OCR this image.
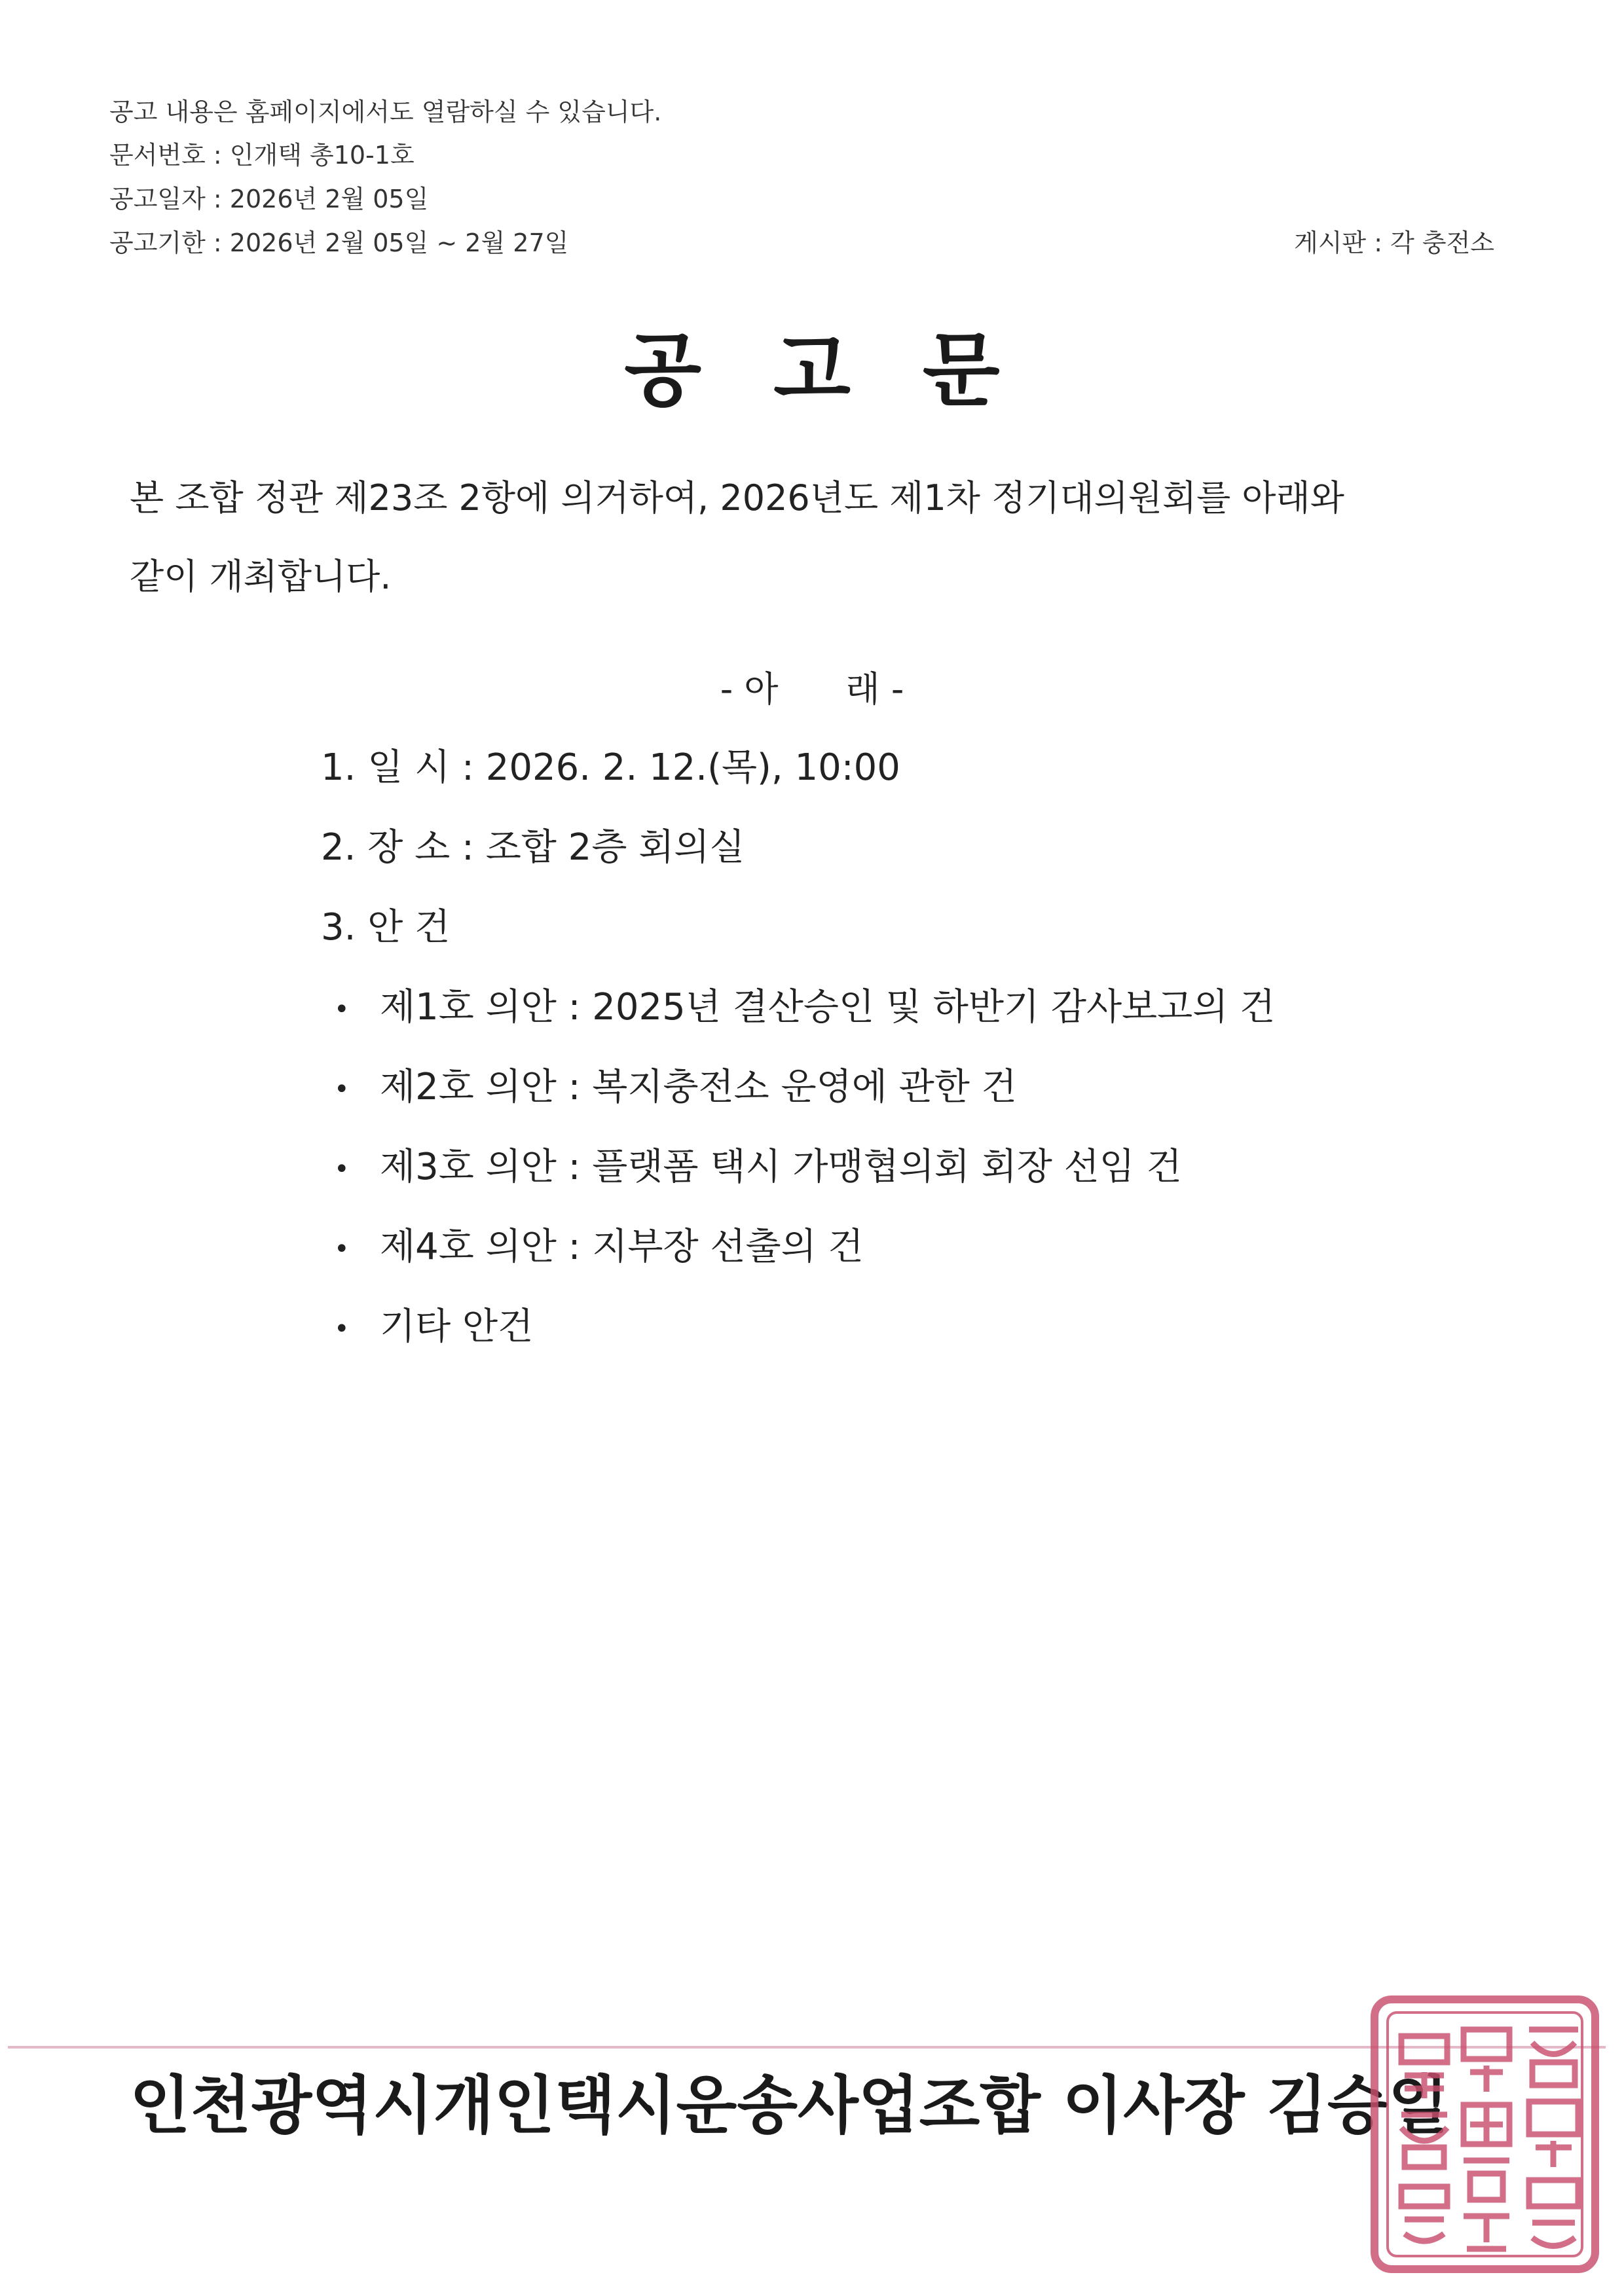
공고 내용은 홈페이지에서도 열람하실 수 있습니다.
문서번호 : 인개택 총10-1호
공고일자 : 2026년 2월 05일
공고기한 : 2026년 2월 05일 ~ 2월 27일	게시판 : 각 충전소
공고문
본 조합 정관 제23조 2항에 의거하여, 2026년도 제1차 정기대의원회를 아래와
같이 개최합니다.
- 아      래 -
1. 일 시 : 2026. 2. 12.(목), 10:00
2. 장 소 : 조합 2층 회의실
3. 안 건
• 제1호 의안 : 2025년 결산승인 및 하반기 감사보고의 건
• 제2호 의안 : 복지충전소 운영에 관한 건
• 제3호 의안 : 플랫폼 택시 가맹협의회 회장 선임 건
• 제4호 의안 : 지부장 선출의 건
• 기타 안건
인천광역시개인택시운송사업조합 이사장 김승일
